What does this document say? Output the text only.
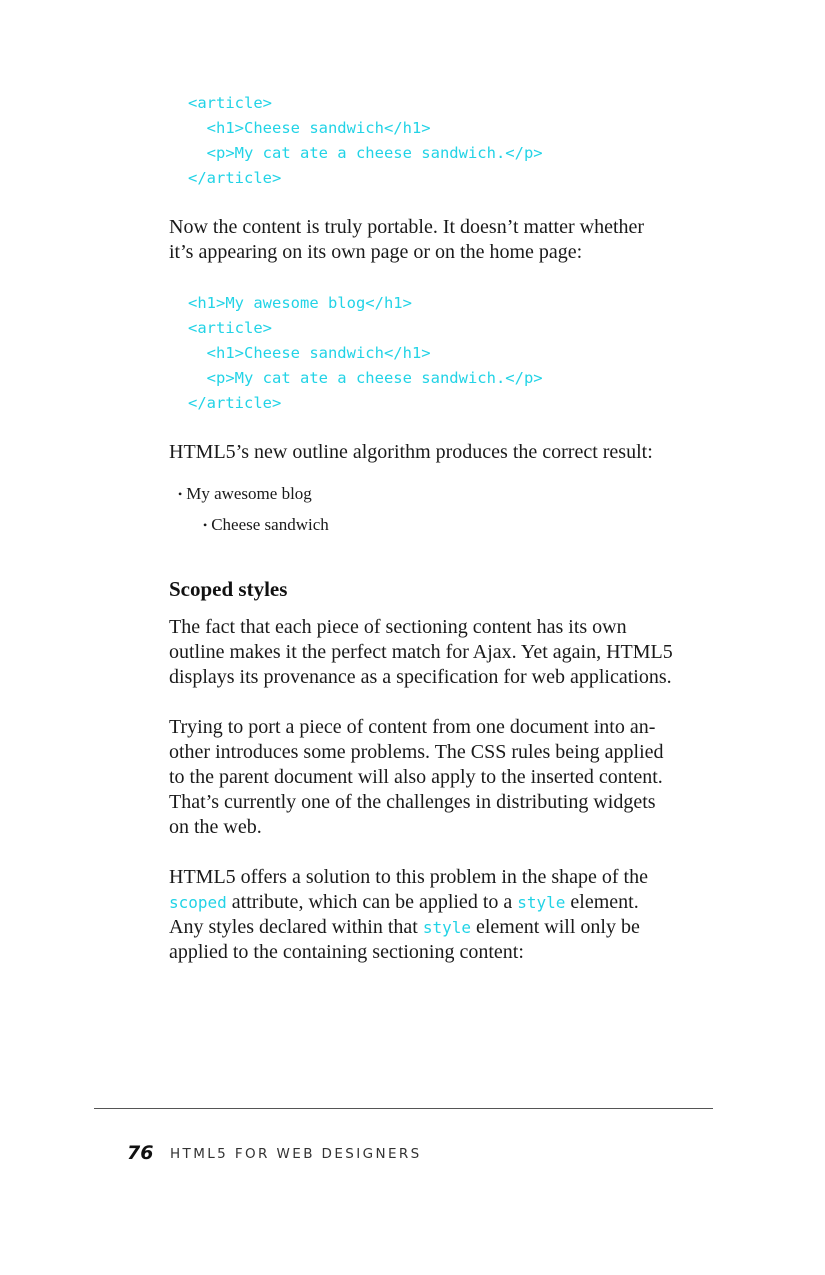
<article>
<h1>Cheese sandwich</h1>
<p>My cat ate a cheese sandwich.</p>
</article>

Now the content is truly portable. It doesn’t matter whether
it’s appearing on its own page or on the home page:

<h1>My awesome blog</h1>
<article>
<h1>Cheese sandwich</h1>
<p>My cat ate a cheese sandwich.</p>
</article>

HTML5’s new outline algorithm produces the correct result:

• My awesome blog
• Cheese sandwich
Scoped styles

The fact that each piece of sectioning content has its own
outline makes it the perfect match for Ajax. Yet again, HTML5
displays its provenance as a specification for web applications.

Trying to port a piece of content from one document into an-
other introduces some problems. The CSS rules being applied
to the parent document will also apply to the inserted content.
That’s currently one of the challenges in distributing widgets
on the web.

HTML5 offers a solution to this problem in the shape of the
scoped attribute, which can be applied to a style element.
Any styles declared within that style element will only be
applied to the containing sectioning content:

76 HTML5 FOR WEB DESIGNERS
